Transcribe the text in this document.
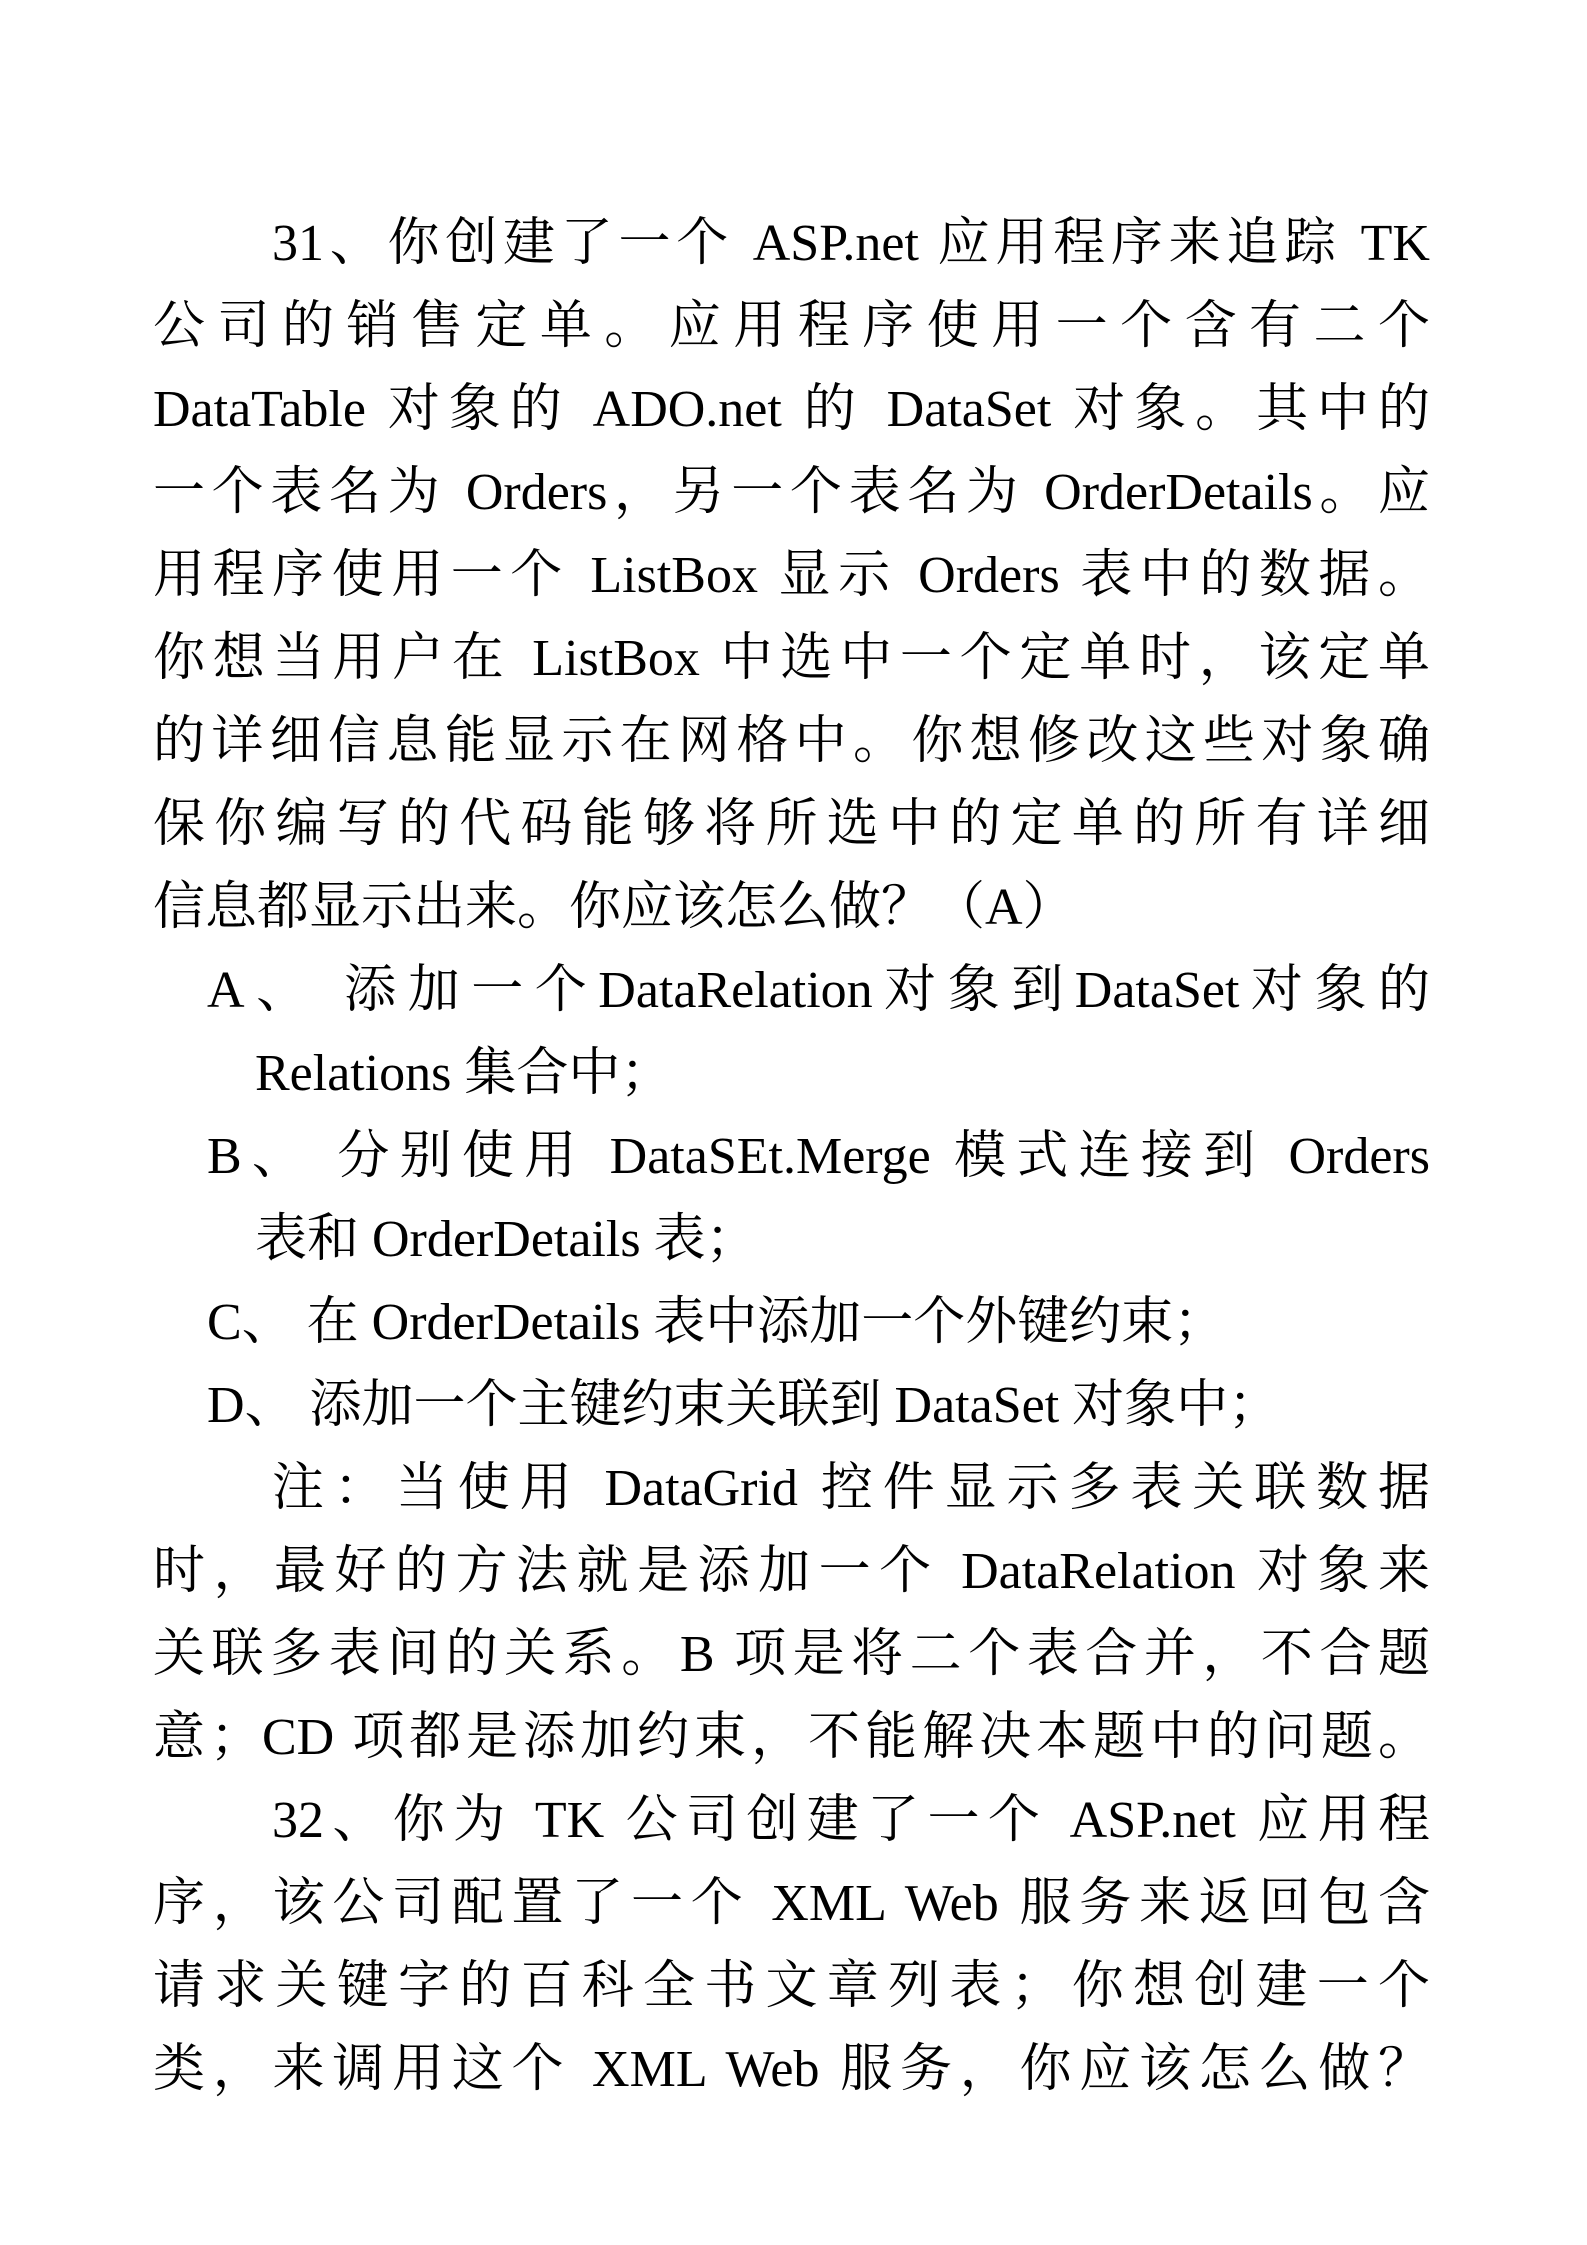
31、你创建了一个 ASP.net 应用程序来追踪 TK
公司的销售定单。应用程序使用一个含有二个
DataTable 对象的 ADO.net 的 DataSet 对象。其中的
一个表名为 Orders，另一个表名为 OrderDetails。应
用程序使用一个 ListBox 显示 Orders 表中的数据。
你想当用户在 ListBox 中选中一个定单时，该定单
的详细信息能显示在网格中。你想修改这些对象确
保你编写的代码能够将所选中的定单的所有详细
信息都显示出来。你应该怎么做？（A）
A、 添加一个DataRelation对象到DataSet对象的
Relations 集合中；
B、 分别使用 DataSEt.Merge 模式连接到 Orders
表和 OrderDetails 表；
C、 在 OrderDetails 表中添加一个外键约束；
D、 添加一个主键约束关联到 DataSet 对象中；
注：当使用 DataGrid 控件显示多表关联数据
时，最好的方法就是添加一个 DataRelation 对象来
关联多表间的关系。B 项是将二个表合并，不合题
意；CD 项都是添加约束，不能解决本题中的问题。
32、你为 TK 公司创建了一个 ASP.net 应用程
序，该公司配置了一个 XML Web 服务来返回包含
请求关键字的百科全书文章列表；你想创建一个
类，来调用这个 XML Web 服务，你应该怎么做？
